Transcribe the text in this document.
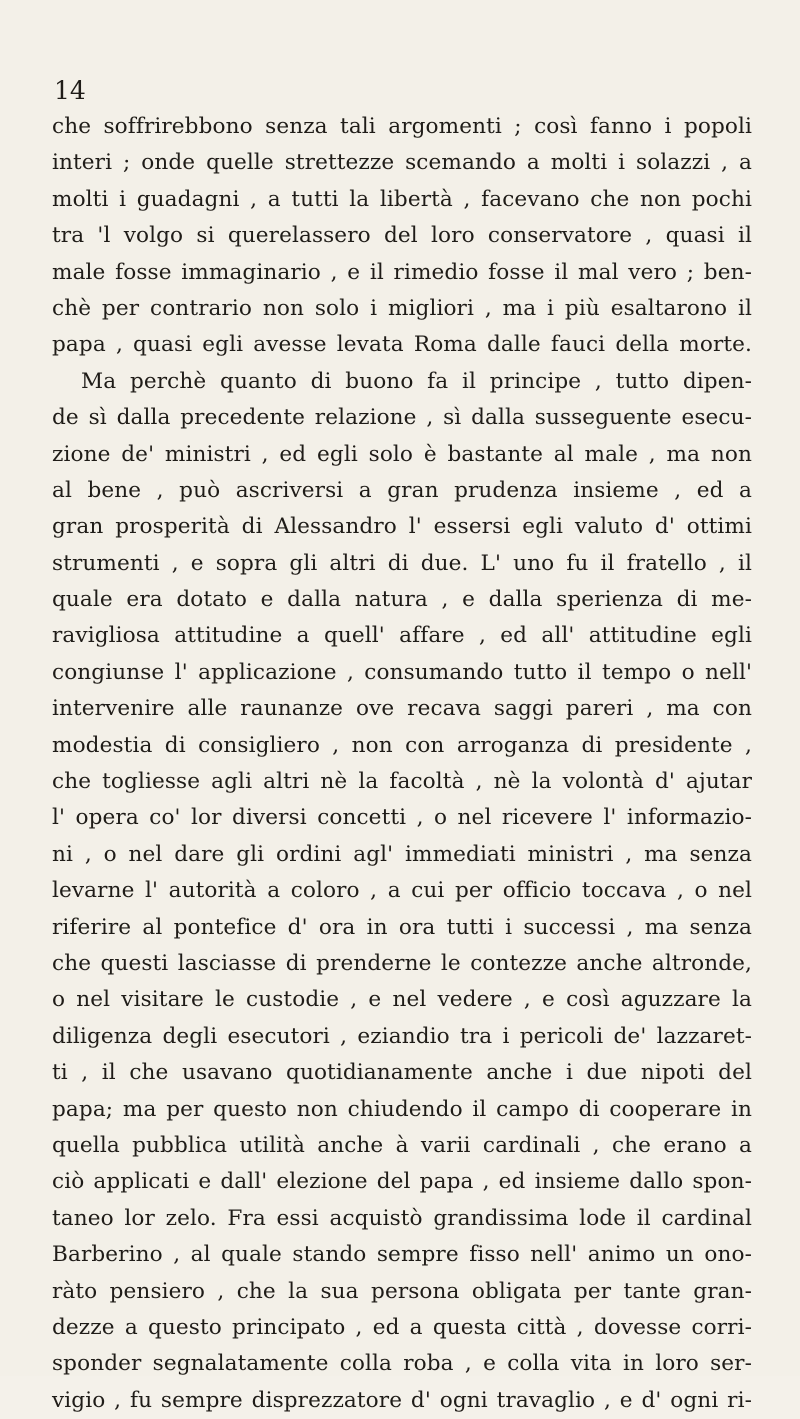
14
che soffrirebbono senza tali argomenti ; così fanno i popoli
interi ; onde quelle strettezze scemando a molti i solazzi , a
molti i guadagni , a tutti la libertà , facevano che non pochi
tra 'l volgo si querelassero del loro conservatore , quasi il
male fosse immaginario , e il rimedio fosse il mal vero ; ben-
chè per contrario non solo i migliori , ma i più esaltarono il
papa , quasi egli avesse levata Roma dalle fauci della morte.
Ma perchè quanto di buono fa il principe , tutto dipen-
de sì dalla precedente relazione , sì dalla susseguente esecu-
zione de' ministri , ed egli solo è bastante al male , ma non
al bene , può ascriversi a gran prudenza insieme , ed a
gran prosperità di Alessandro l' essersi egli valuto d' ottimi
strumenti , e sopra gli altri di due. L' uno fu il fratello , il
quale era dotato e dalla natura , e dalla sperienza di me-
ravigliosa attitudine a quell' affare , ed all' attitudine egli
congiunse l' applicazione , consumando tutto il tempo o nell'
intervenire alle raunanze ove recava saggi pareri , ma con
modestia di consigliero , non con arroganza di presidente ,
che togliesse agli altri nè la facoltà , nè la volontà d' ajutar
l' opera co' lor diversi concetti , o nel ricevere l' informazio-
ni , o nel dare gli ordini agl' immediati ministri , ma senza
levarne l' autorità a coloro , a cui per officio toccava , o nel
riferire al pontefice d' ora in ora tutti i successi , ma senza
che questi lasciasse di prenderne le contezze anche altronde,
o nel visitare le custodie , e nel vedere , e così aguzzare la
diligenza degli esecutori , eziandio tra i pericoli de' lazzaret-
ti , il che usavano quotidianamente anche i due nipoti del
papa; ma per questo non chiudendo il campo di cooperare in
quella pubblica utilità anche à varii cardinali , che erano a
ciò applicati e dall' elezione del papa , ed insieme dallo spon-
taneo lor zelo. Fra essi acquistò grandissima lode il cardinal
Barberino , al quale stando sempre fisso nell' animo un ono-
ràto pensiero , che la sua persona obligata per tante gran-
dezze a questo principato , ed a questa città , dovesse corri-
sponder segnalatamente colla roba , e colla vita in loro ser-
vigio , fu sempre disprezzatore d' ogni travaglio , e d' ogni ri-
